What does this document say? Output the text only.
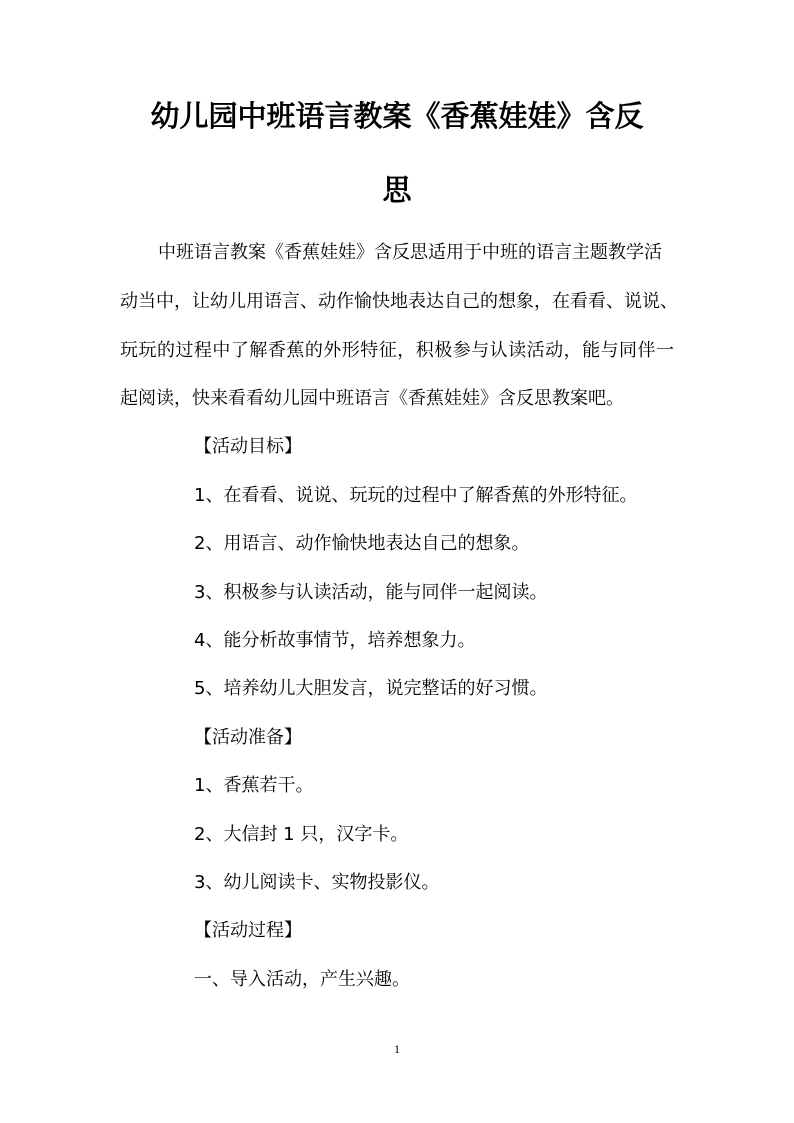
幼儿园中班语言教案《香蕉娃娃》含反
思

中班语言教案《香蕉娃娃》含反思适用于中班的语言主题教学活

动当中，让幼儿用语言、动作愉快地表达自己的想象，在看看、说说、

玩玩的过程中了解香蕉的外形特征，积极参与认读活动，能与同伴一

起阅读，快来看看幼儿园中班语言《香蕉娃娃》含反思教案吧。

【活动目标】

1、在看看、说说、玩玩的过程中了解香蕉的外形特征。

2、用语言、动作愉快地表达自己的想象。

3、积极参与认读活动，能与同伴一起阅读。

4、能分析故事情节，培养想象力。

5、培养幼儿大胆发言，说完整话的好习惯。

【活动准备】

1、香蕉若干。

2、大信封 1 只，汉字卡。

3、幼儿阅读卡、实物投影仪。

【活动过程】

一、导入活动，产生兴趣。

1
